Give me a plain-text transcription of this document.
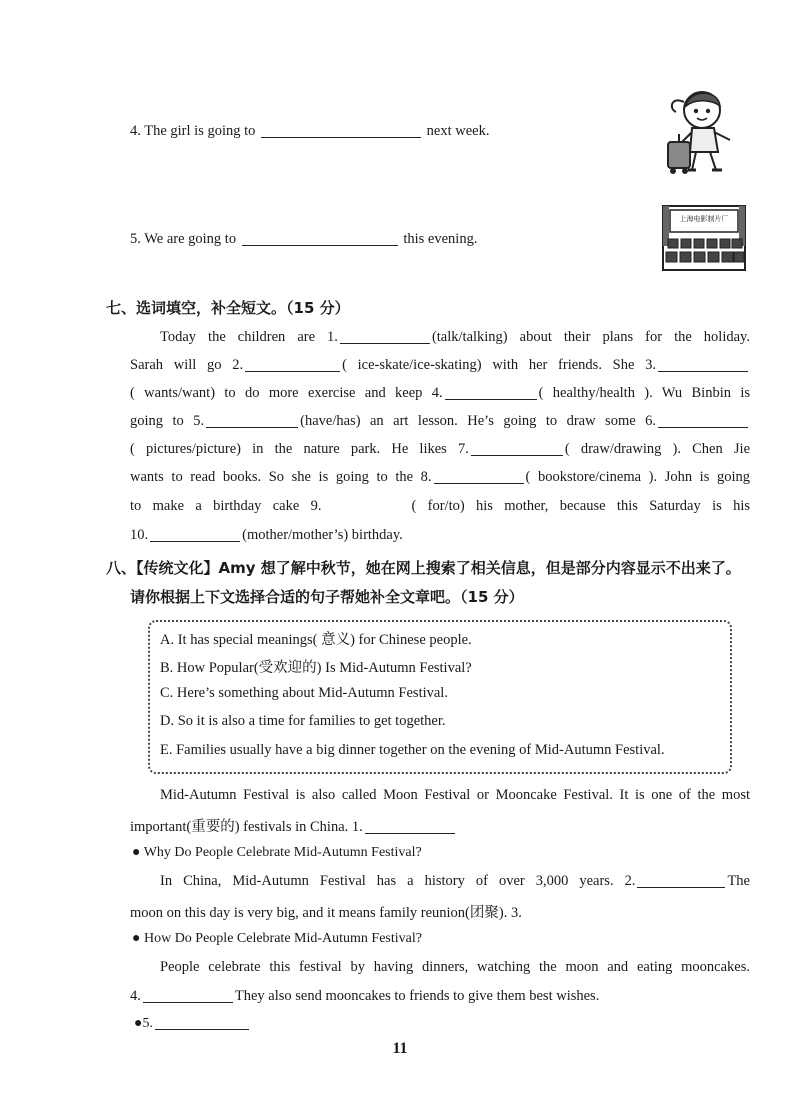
4. The girl is going to	next week.
5. We are going to	this evening.
上海电影制片厂
七、选词填空，补全短文。（15 分）
Today the children are 1.	(talk/talking) about their plans for the holiday.
Sarah will go 2.	( ice-skate/ice-skating) with her friends. She 3.
( wants/want) to do more exercise and keep 4.	( healthy/health ). Wu Binbin is
going to 5.	(have/has) an art lesson. He’s going to draw some 6.
( pictures/picture) in the nature park. He likes 7.	( draw/drawing ). Chen Jie
wants to read books. So she is going to the 8.	( bookstore/cinema ). John is going
to make a birthday cake 9.	( for/to) his mother, because this Saturday is his
10.	(mother/mother’s) birthday.
八、【传统文化】Amy 想了解中秋节，她在网上搜索了相关信息，但是部分内容显示不出来了。
请你根据上下文选择合适的句子帮她补全文章吧。（15 分）
A. It has special meanings( 意义) for Chinese people.
B. How Popular(受欢迎的) Is Mid-Autumn Festival?
C. Here’s something about Mid-Autumn Festival.
D. So it is also a time for families to get together.
E. Families usually have a big dinner together on the evening of Mid-Autumn Festival.
Mid-Autumn Festival is also called Moon Festival or Mooncake Festival. It is one of the most
important(重要的) festivals in China. 1.
● Why Do People Celebrate Mid-Autumn Festival?
In China, Mid-Autumn Festival has a history of over 3,000 years. 2.	The
moon on this day is very big, and it means family reunion(团聚). 3.
● How Do People Celebrate Mid-Autumn Festival?
People celebrate this festival by having dinners, watching the moon and eating mooncakes.
4.	They also send mooncakes to friends to give them best wishes.
●5.
11
